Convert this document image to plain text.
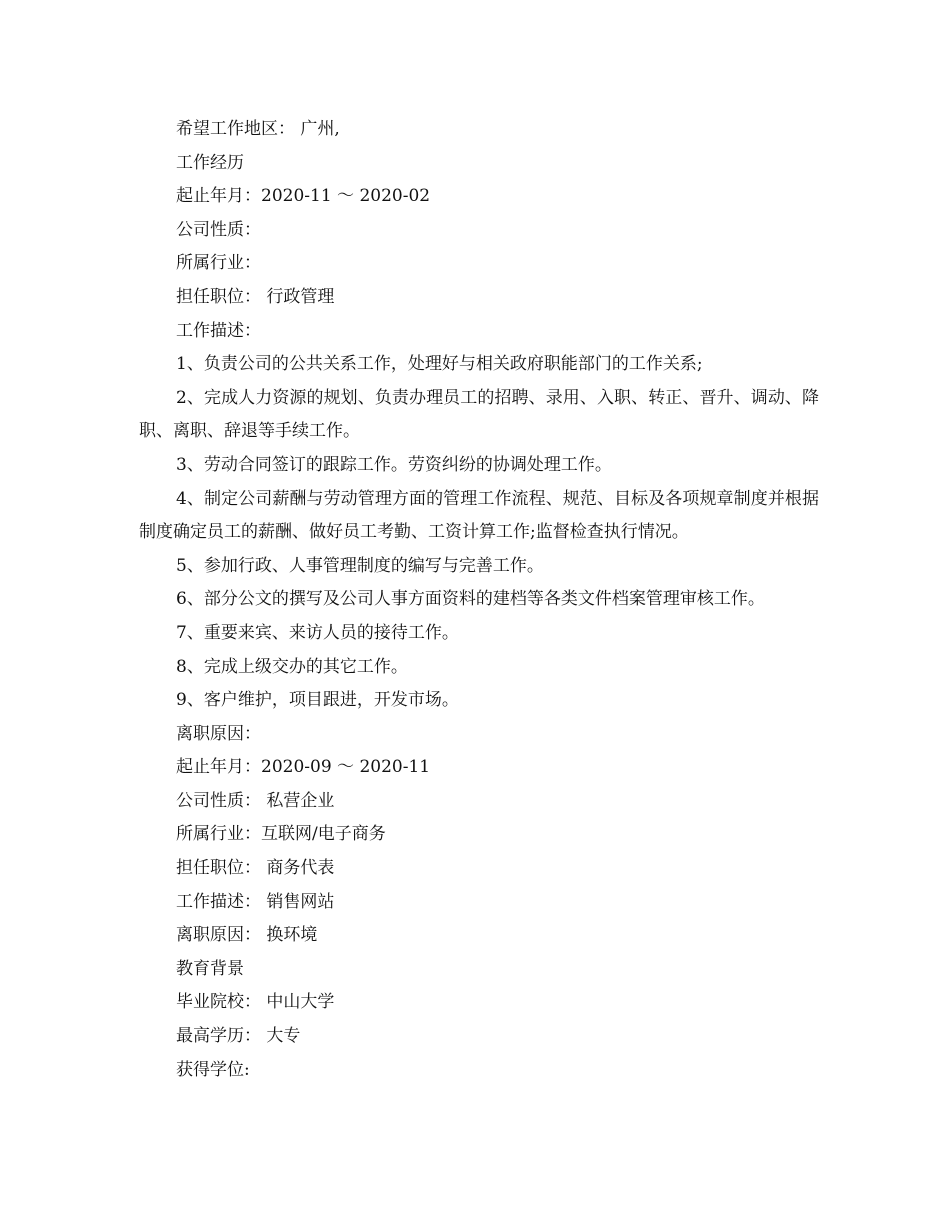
希望工作地区： 广州,
工作经历
起止年月：2020-11 ～ 2020-02
公司性质：
所属行业：
担任职位： 行政管理
工作描述：
1、负责公司的公共关系工作，处理好与相关政府职能部门的工作关系;
2、完成人力资源的规划、负责办理员工的招聘、录用、入职、转正、晋升、调动、降职、离职、辞退等手续工作。
3、劳动合同签订的跟踪工作。劳资纠纷的协调处理工作。
4、制定公司薪酬与劳动管理方面的管理工作流程、规范、目标及各项规章制度并根据制度确定员工的薪酬、做好员工考勤、工资计算工作;监督检查执行情况。
5、参加行政、人事管理制度的编写与完善工作。
6、部分公文的撰写及公司人事方面资料的建档等各类文件档案管理审核工作。
7、重要来宾、来访人员的接待工作。
8、完成上级交办的其它工作。
9、客户维护，项目跟进，开发市场。
离职原因：
起止年月：2020-09 ～ 2020-11
公司性质： 私营企业
所属行业：互联网/电子商务
担任职位： 商务代表
工作描述： 销售网站
离职原因： 换环境
教育背景
毕业院校： 中山大学
最高学历： 大专
获得学位:
